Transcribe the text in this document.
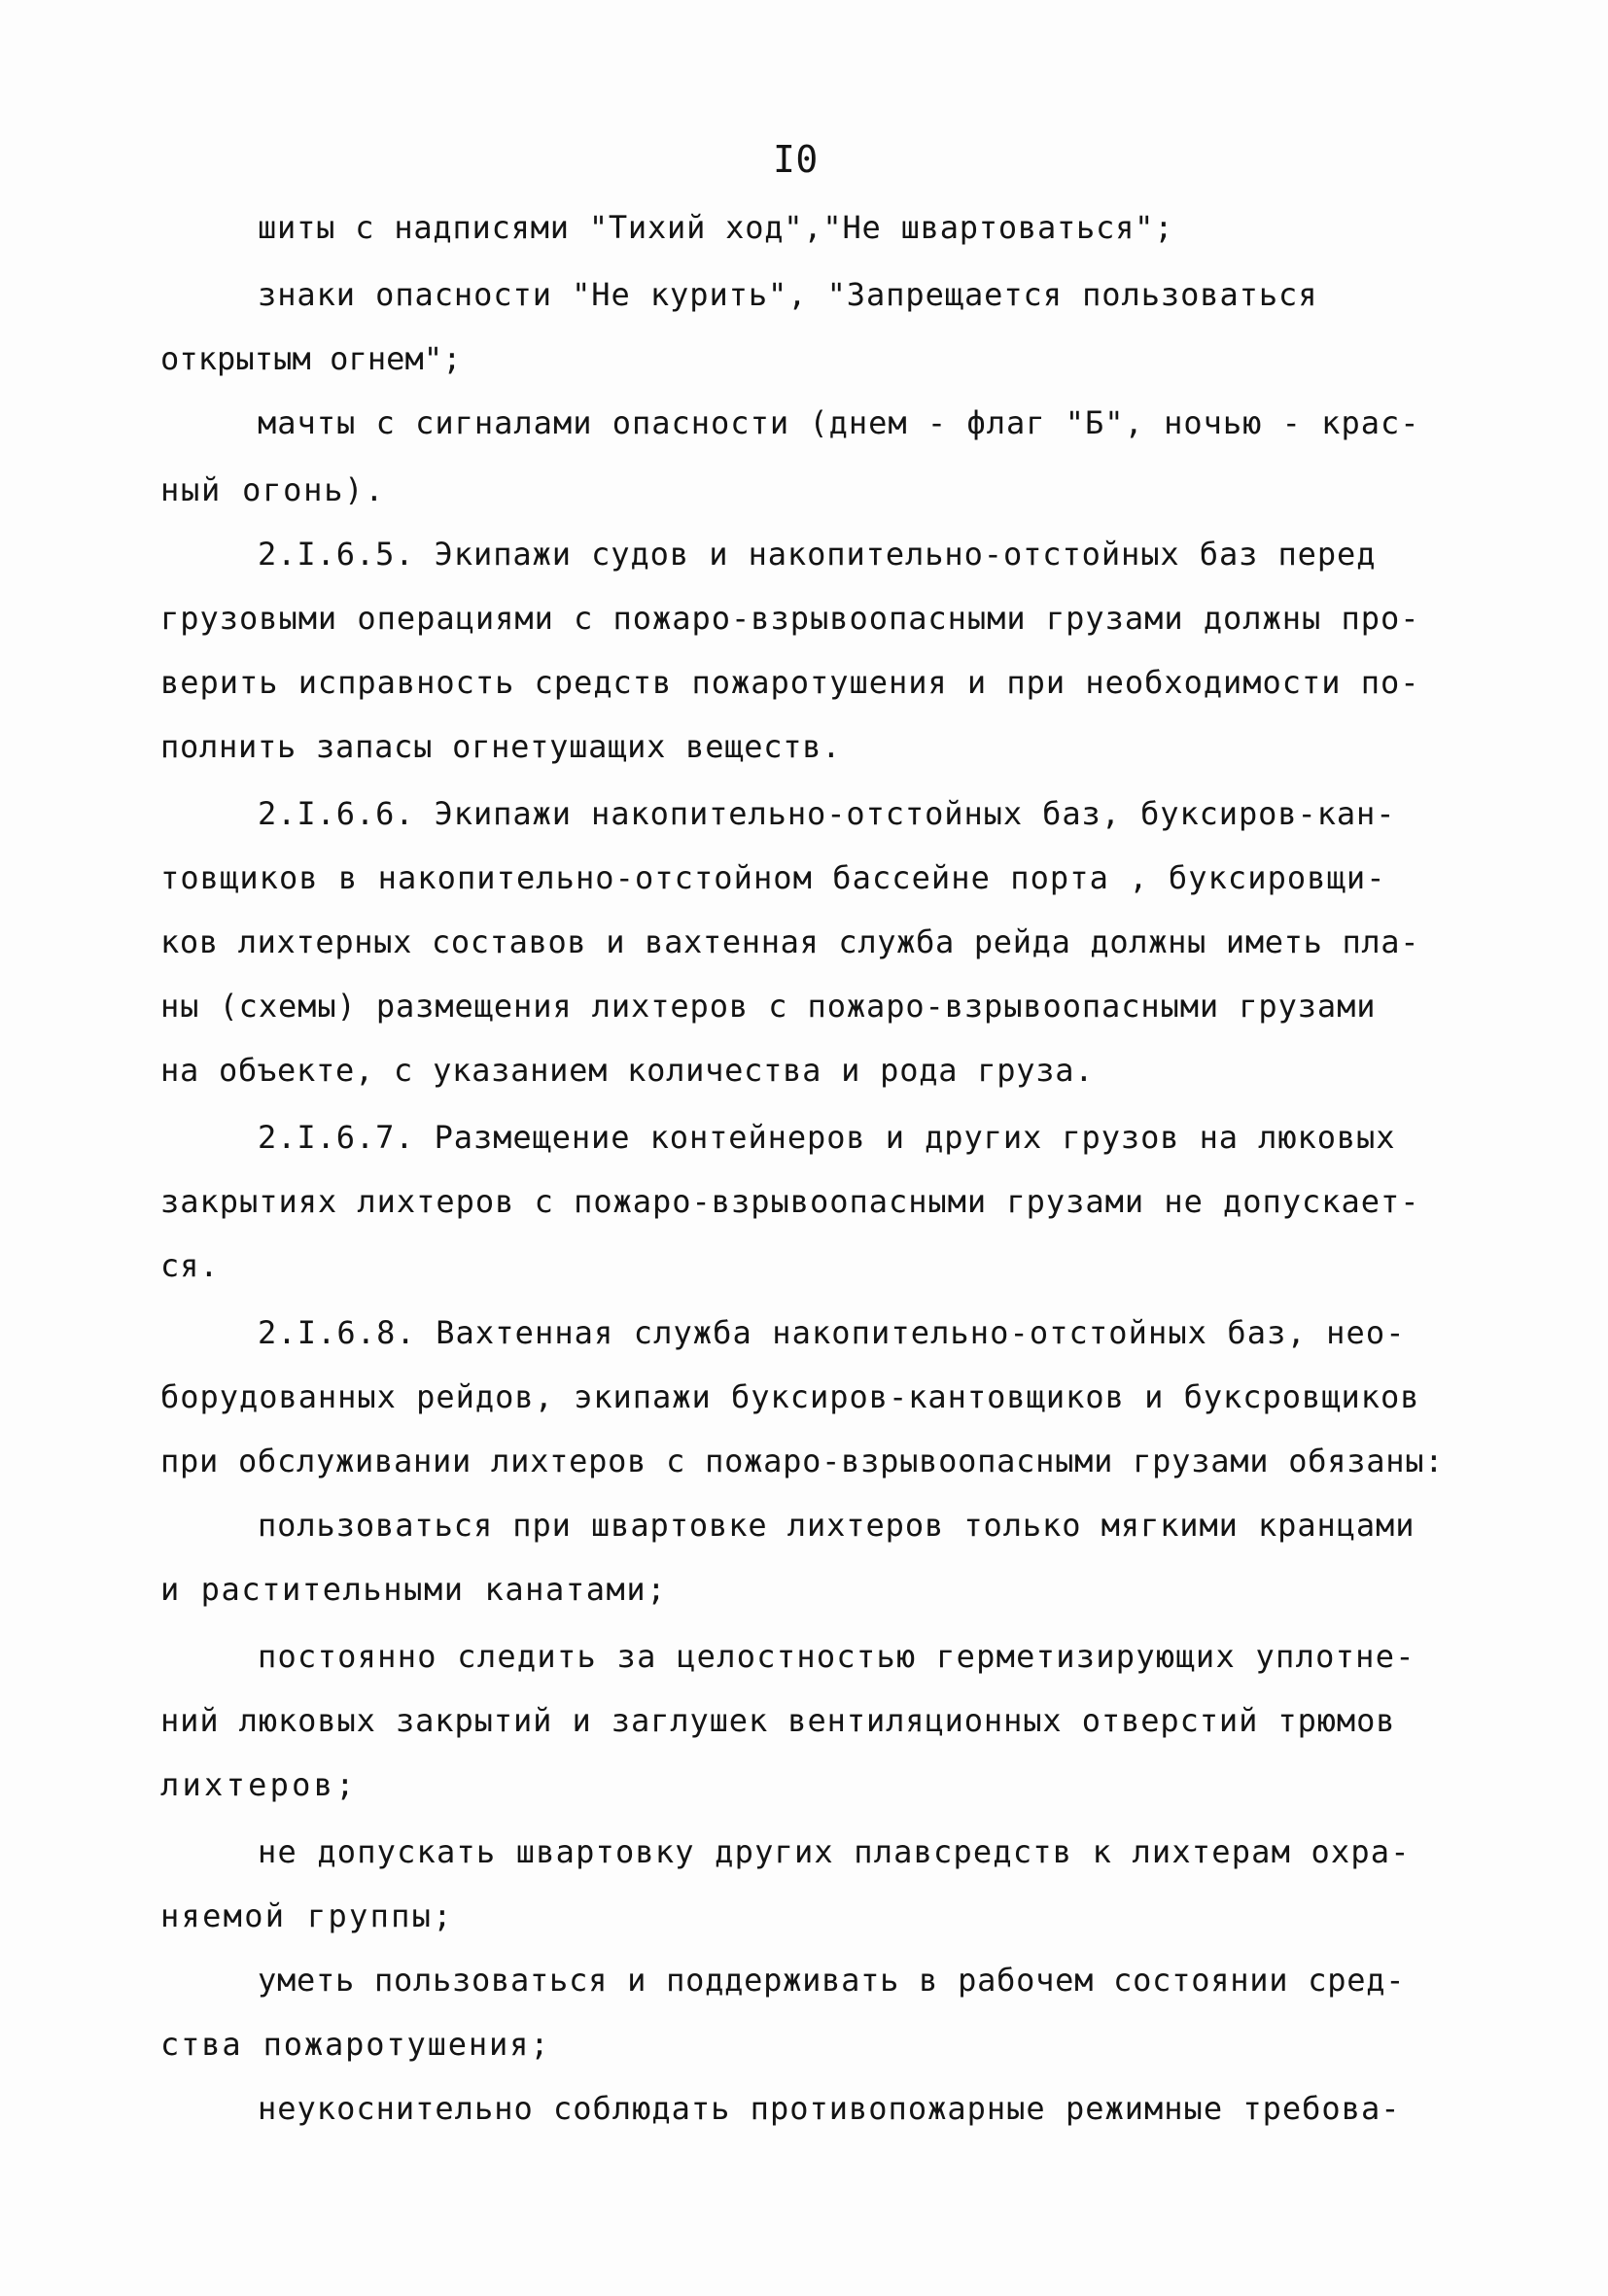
I0
шиты с надписями "Тихий ход","Не швартоваться";
знаки опасности "Не курить", "Запрещается пользоваться
открытым огнем";
мачты с сигналами опасности (днем - флаг "Б", ночью - крас-
ный огонь).
2.I.6.5. Экипажи судов и накопительно-отстойных баз перед
грузовыми операциями с пожаро-взрывоопасными грузами должны про-
верить исправность средств пожаротушения и при необходимости по-
полнить запасы огнетушащих веществ.
2.I.6.6. Экипажи накопительно-отстойных баз, буксиров-кан-
товщиков в накопительно-отстойном бассейне порта , буксировщи-
ков лихтерных составов и вахтенная служба рейда должны иметь пла-
ны (схемы) размещения лихтеров с пожаро-взрывоопасными грузами
на объекте, с указанием количества и рода груза.
2.I.6.7. Размещение контейнеров и других грузов на люковых
закрытиях лихтеров с пожаро-взрывоопасными грузами не допускает-
ся.
2.I.6.8. Вахтенная служба накопительно-отстойных баз, нео-
борудованных рейдов, экипажи буксиров-кантовщиков и буксровщиков
при обслуживании лихтеров с пожаро-взрывоопасными грузами обязаны:
пользоваться при швартовке лихтеров только мягкими кранцами
и растительными канатами;
постоянно следить за целостностью герметизирующих уплотне-
ний люковых закрытий и заглушек вентиляционных отверстий трюмов
лихтеров;
не допускать швартовку других плавсредств к лихтерам охра-
няемой группы;
уметь пользоваться и поддерживать в рабочем состоянии сред-
ства пожаротушения;
неукоснительно соблюдать противопожарные режимные требова-
